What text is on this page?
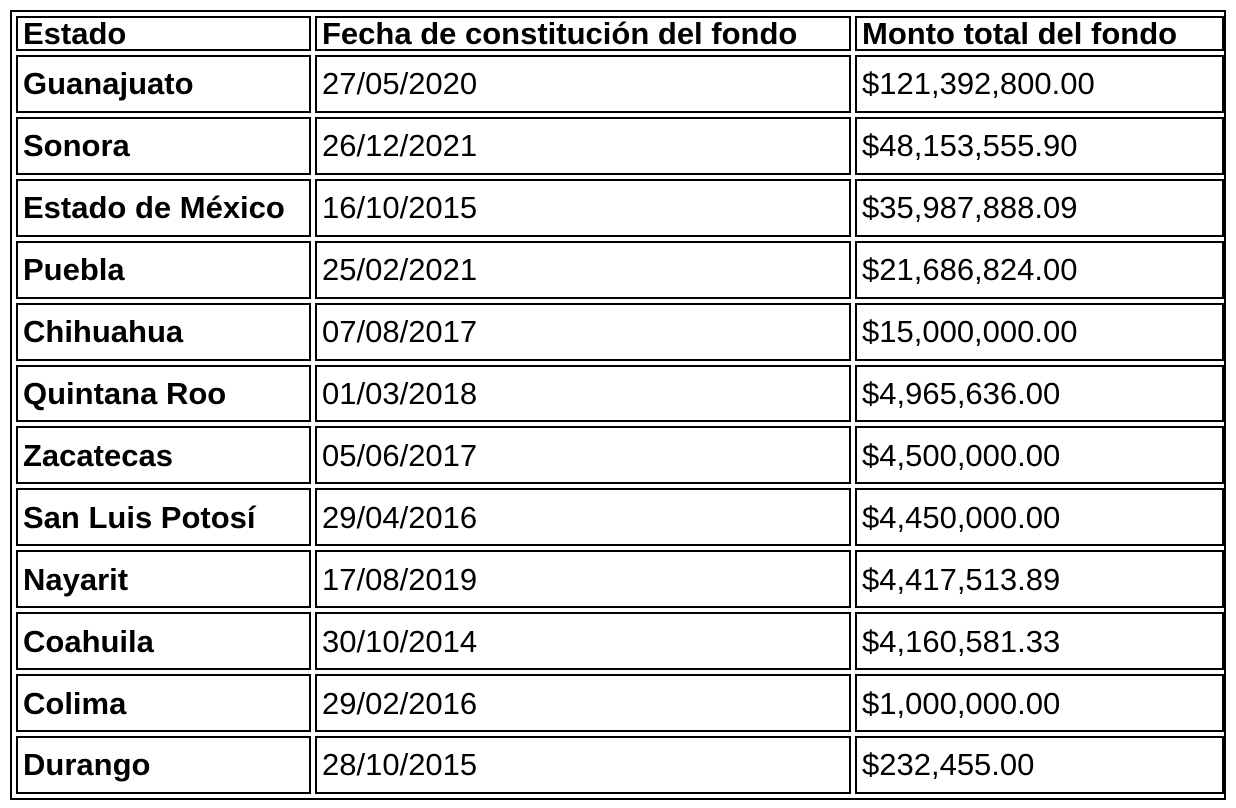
Estado	Fecha de constitución del fondo	Monto total del fondo
Guanajuato	27/05/2020	$121,392,800.00
Sonora	26/12/2021	$48,153,555.90
Estado de México	16/10/2015	$35,987,888.09
Puebla	25/02/2021	$21,686,824.00
Chihuahua	07/08/2017	$15,000,000.00
Quintana Roo	01/03/2018	$4,965,636.00
Zacatecas	05/06/2017	$4,500,000.00
San Luis Potosí	29/04/2016	$4,450,000.00
Nayarit	17/08/2019	$4,417,513.89
Coahuila	30/10/2014	$4,160,581.33
Colima	29/02/2016	$1,000,000.00
Durango	28/10/2015	$232,455.00
